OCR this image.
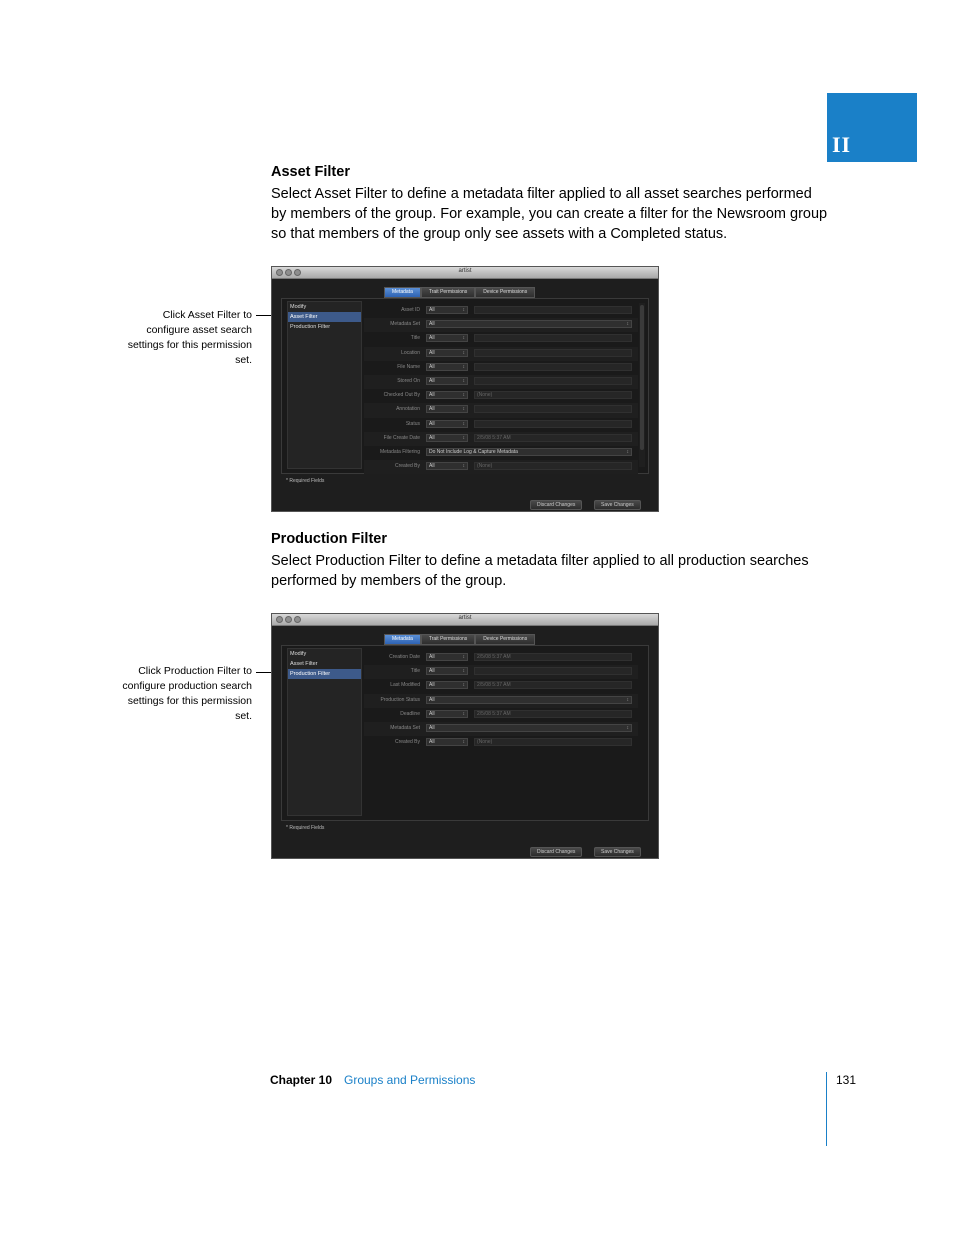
II
Asset Filter

Select Asset Filter to define a metadata filter applied to all asset searches performed by members of the group. For example, you can create a filter for the Newsroom group so that members of the group only see assets with a Completed status.

Click Asset Filter to configure asset search settings for this permission set.
artist
Metadata	Trait Permissions	Device Permissions
Modify
Asset Filter
Production Filter
Asset ID	All ↕
Metadata Set	All ↕
Title	All ↕
Location	All ↕
File Name	All ↕
Stored On	All ↕
Checked Out By	All ↕	(None)
Annotation	All ↕
Status	All ↕
File Create Date	All ↕	2/5/08 5:37 AM
Metadata Filtering	Do Not Include Log & Capture Metadata ↕
Created By	All ↕	(None)
* Required Fields
Discard Changes	Save Changes
Production Filter

Select Production Filter to define a metadata filter applied to all production searches performed by members of the group.

Click Production Filter to configure production search settings for this permission set.
artist
Metadata	Trait Permissions	Device Permissions
Modify
Asset Filter
Production Filter
Creation Date	All ↕	2/5/08 5:37 AM
Title	All ↕
Last Modified	All ↕	2/5/08 5:37 AM
Production Status	All ↕
Deadline	All ↕	2/5/08 5:37 AM
Metadata Set	All ↕
Created By	All ↕	(None)
* Required Fields
Discard Changes	Save Changes
Chapter 10 Groups and Permissions	131
